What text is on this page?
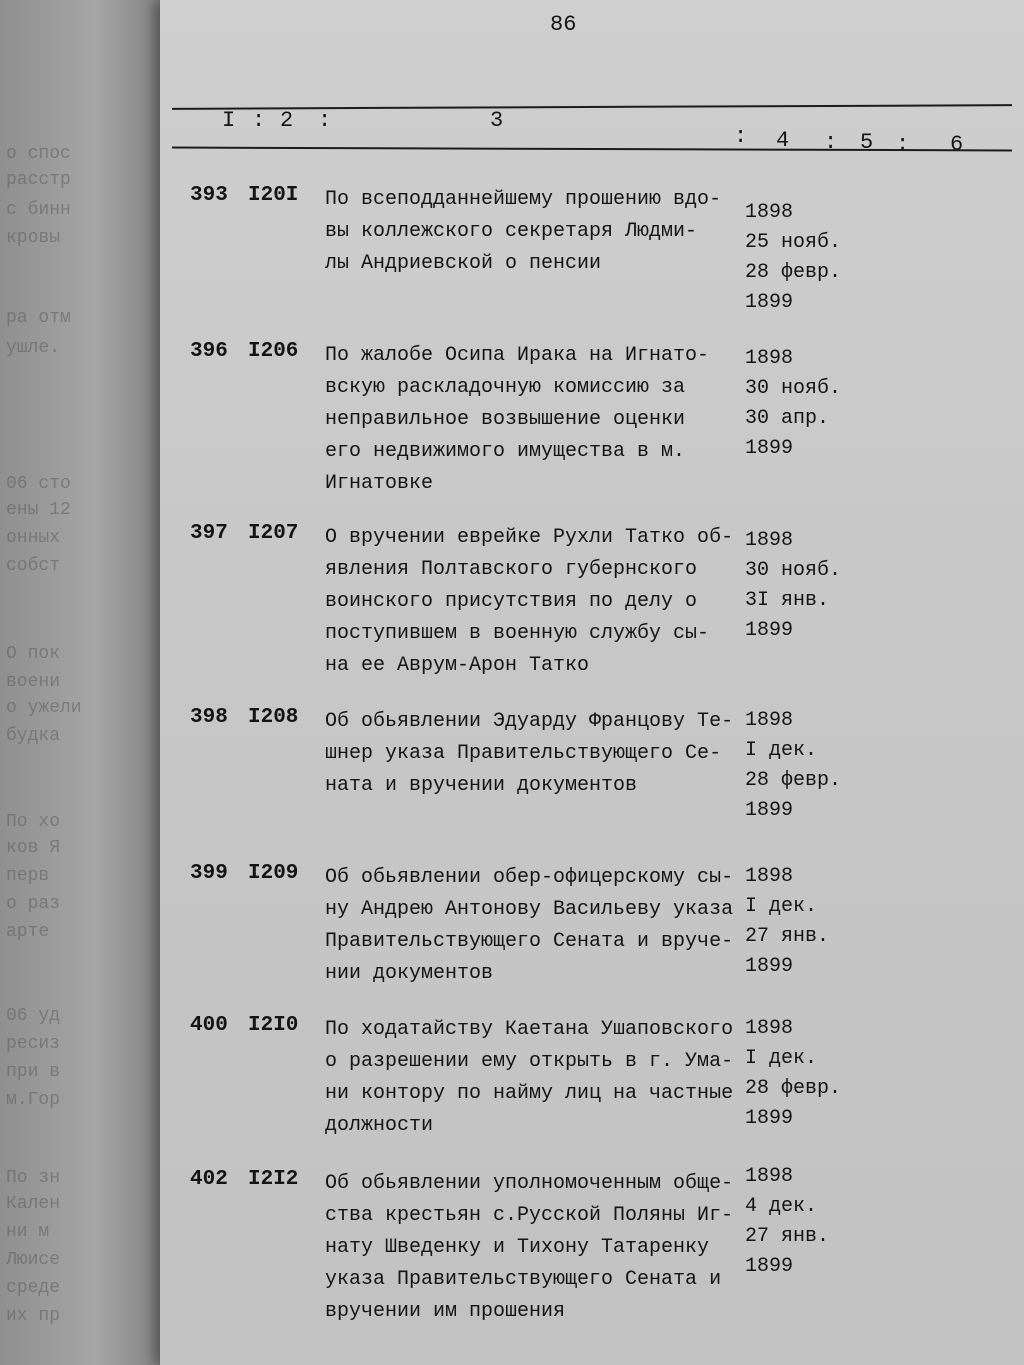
о спос
расстр
с бинн
кровы
ра отм
ушле.
06 сто
ены 12
онных
собст
О пок
воени
о ужели
будка
По хо
ков Я
перв
о раз
арте
06 уд
ресиз
при в
м.Гор
По зн
Кален
ни м
Люисе
среде
их пр
86
I : 2 :	3
: 4 : 5 : 6
393 I20I По всеподданнейшему прошению вдо-
вы коллежского секретаря Людми-
лы Андриевской о пенсии
1898
25 нояб.
28 февр.
1899
396 I206 По жалобе Осипа Ирака на Игнато-
вскую раскладочную комиссию за
неправильное возвышение оценки
его недвижимого имущества в м.
Игнатовке
1898
30 нояб.
30 апр.
1899
397 I207 О вручении еврейке Рухли Татко об-
явления Полтавского губернского
воинского присутствия по делу о
поступившем в военную службу сы-
на ее Аврум-Арон Татко
1898
30 нояб.
3I янв.
1899
398 I208 Об обьявлении Эдуарду Францову Те-
шнер указа Правительствующего Се-
ната и вручении документов
1898
I дек.
28 февр.
1899
399 I209 Об обьявлении обер-офицерскому сы-
ну Андрею Антонову Васильеву указа
Правительствующего Сената и вруче-
нии документов
1898
I дек.
27 янв.
1899
400 I2I0 По ходатайству Каетана Ушаповского
о разрешении ему открыть в г. Ума-
ни контору по найму лиц на частные
должности
1898
I дек.
28 февр.
1899
402 I2I2 Об обьявлении уполномоченным обще-
ства крестьян с.Русской Поляны Иг-
нату Шведенку и Тихону Татаренку
указа Правительствующего Сената и
вручении им прошения
1898
4 дек.
27 янв.
1899
